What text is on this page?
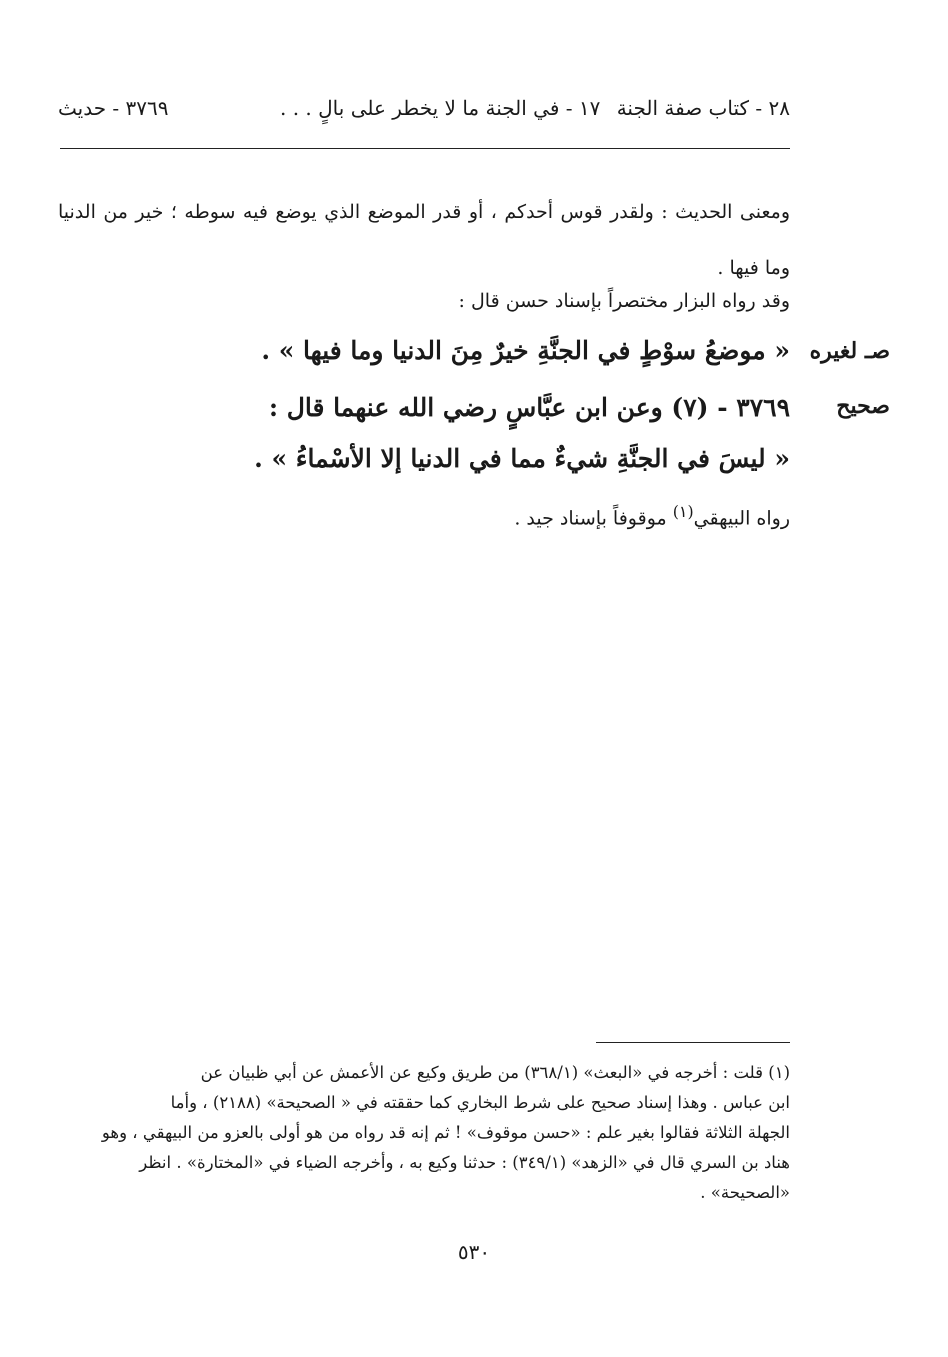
٢٨ - كتاب صفة الجنة
١٧ - في الجنة ما لا يخطر على بالٍ . . .
٣٧٦٩ - حديث
ومعنى الحديث : ولقدر قوس أحدكم ، أو قدر الموضع الذي يوضع فيه سوطه ؛ خير من الدنيا وما فيها .
وقد رواه البزار مختصراً بإسناد حسن قال :
« موضعُ سوْطٍ في الجنَّةِ خيرٌ مِنَ الدنيا وما فيها » . صـ لغيره
٣٧٦٩ - (٧) وعن ابن عبَّاسٍ رضي الله عنهما قال :	صحيح
« ليسَ في الجنَّةِ شيءٌ مما في الدنيا إلا الأسْماءُ » .
رواه البيهقي$^{(١)}$ موقوفاً بإسناد جيد .
(١) قلت : أخرجه في «البعث» (٣٦٨/١) من طريق وكيع عن الأعمش عن أبي ظبيان عن
ابن عباس . وهذا إسناد صحيح على شرط البخاري كما حققته في « الصحيحة» (٢١٨٨) ، وأما
الجهلة الثلاثة فقالوا بغير علم : «حسن موقوف» ! ثم إنه قد رواه من هو أولى بالعزو من البيهقي ، وهو
هناد بن السري قال في «الزهد» (٣٤٩/١) : حدثنا وكيع به ، وأخرجه الضياء في «المختارة» . انظر
«الصحيحة» .
٥٣٠
